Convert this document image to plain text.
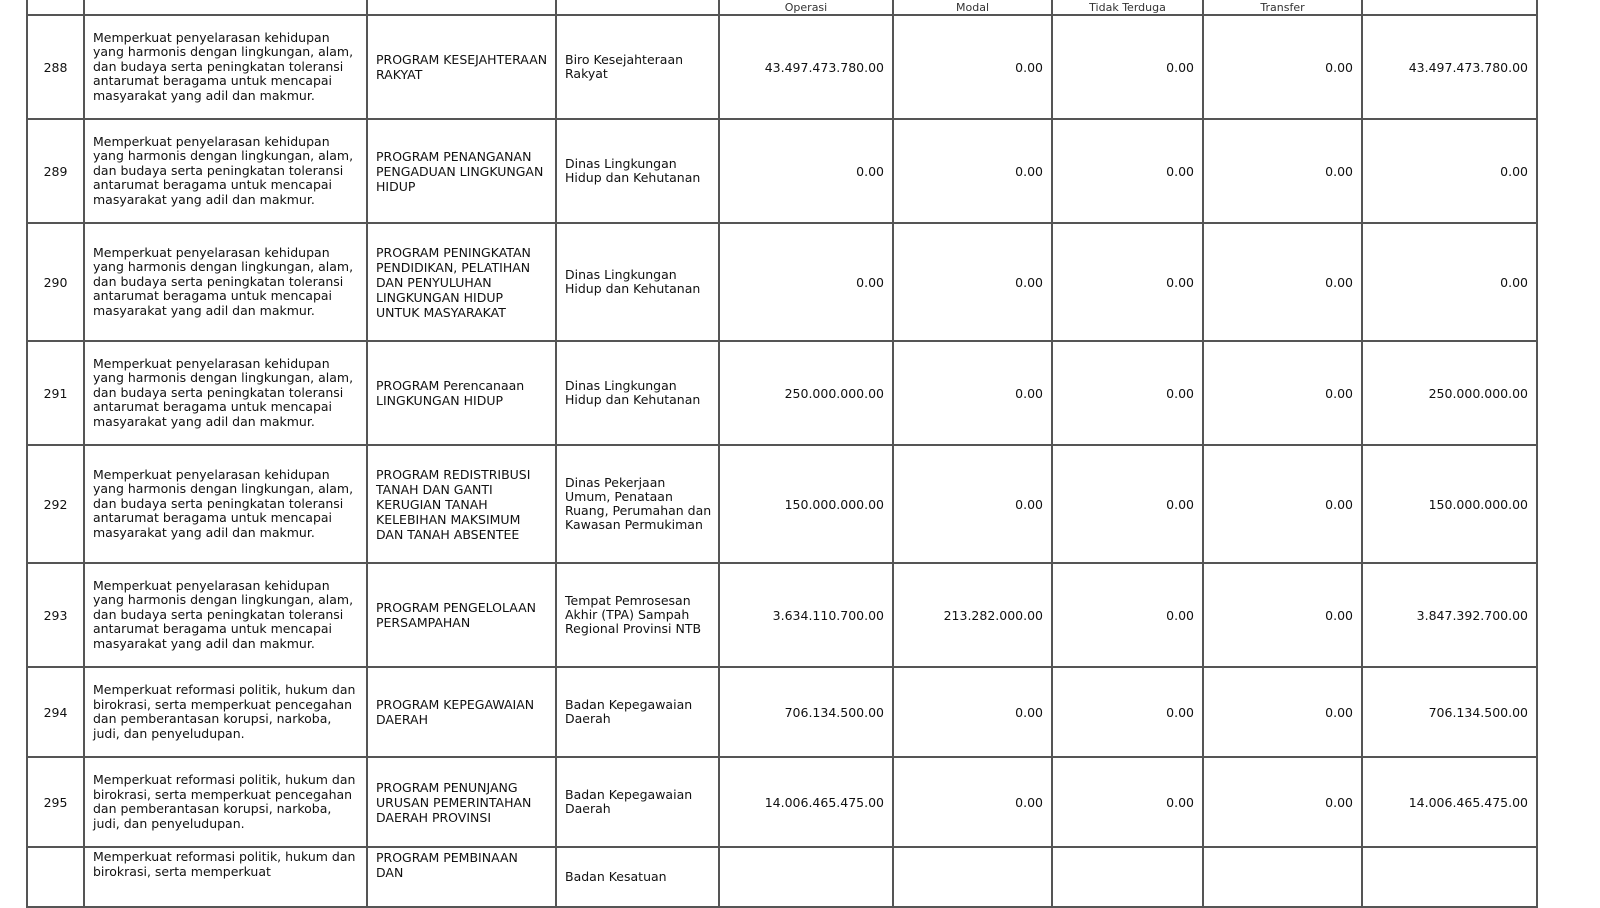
				Operasi	Modal	Tidak Terduga	Transfer	
288	Memperkuat penyelarasan kehidupan yang harmonis dengan lingkungan, alam, dan budaya serta peningkatan toleransi antarumat beragama untuk mencapai masyarakat yang adil dan makmur.	PROGRAM KESEJAHTERAAN RAKYAT	Biro Kesejahteraan Rakyat	43.497.473.780.00	0.00	0.00	0.00	43.497.473.780.00
289	Memperkuat penyelarasan kehidupan yang harmonis dengan lingkungan, alam, dan budaya serta peningkatan toleransi antarumat beragama untuk mencapai masyarakat yang adil dan makmur.	PROGRAM PENANGANAN PENGADUAN LINGKUNGAN HIDUP	Dinas Lingkungan Hidup dan Kehutanan	0.00	0.00	0.00	0.00	0.00
290	Memperkuat penyelarasan kehidupan yang harmonis dengan lingkungan, alam, dan budaya serta peningkatan toleransi antarumat beragama untuk mencapai masyarakat yang adil dan makmur.	PROGRAM PENINGKATAN PENDIDIKAN, PELATIHAN DAN PENYULUHAN LINGKUNGAN HIDUP UNTUK MASYARAKAT	Dinas Lingkungan Hidup dan Kehutanan	0.00	0.00	0.00	0.00	0.00
291	Memperkuat penyelarasan kehidupan yang harmonis dengan lingkungan, alam, dan budaya serta peningkatan toleransi antarumat beragama untuk mencapai masyarakat yang adil dan makmur.	PROGRAM Perencanaan LINGKUNGAN HIDUP	Dinas Lingkungan Hidup dan Kehutanan	250.000.000.00	0.00	0.00	0.00	250.000.000.00
292	Memperkuat penyelarasan kehidupan yang harmonis dengan lingkungan, alam, dan budaya serta peningkatan toleransi antarumat beragama untuk mencapai masyarakat yang adil dan makmur.	PROGRAM REDISTRIBUSI TANAH DAN GANTI KERUGIAN TANAH KELEBIHAN MAKSIMUM DAN TANAH ABSENTEE	Dinas Pekerjaan Umum, Penataan Ruang, Perumahan dan Kawasan Permukiman	150.000.000.00	0.00	0.00	0.00	150.000.000.00
293	Memperkuat penyelarasan kehidupan yang harmonis dengan lingkungan, alam, dan budaya serta peningkatan toleransi antarumat beragama untuk mencapai masyarakat yang adil dan makmur.	PROGRAM PENGELOLAAN PERSAMPAHAN	Tempat Pemrosesan Akhir (TPA) Sampah Regional Provinsi NTB	3.634.110.700.00	213.282.000.00	0.00	0.00	3.847.392.700.00
294	Memperkuat reformasi politik, hukum dan birokrasi, serta memperkuat pencegahan dan pemberantasan korupsi, narkoba, judi, dan penyeludupan.	PROGRAM KEPEGAWAIAN DAERAH	Badan Kepegawaian Daerah	706.134.500.00	0.00	0.00	0.00	706.134.500.00
295	Memperkuat reformasi politik, hukum dan birokrasi, serta memperkuat pencegahan dan pemberantasan korupsi, narkoba, judi, dan penyeludupan.	PROGRAM PENUNJANG URUSAN PEMERINTAHAN DAERAH PROVINSI	Badan Kepegawaian Daerah	14.006.465.475.00	0.00	0.00	0.00	14.006.465.475.00
	Memperkuat reformasi politik, hukum dan birokrasi, serta memperkuat	PROGRAM PEMBINAAN DAN	Badan Kesatuan					
